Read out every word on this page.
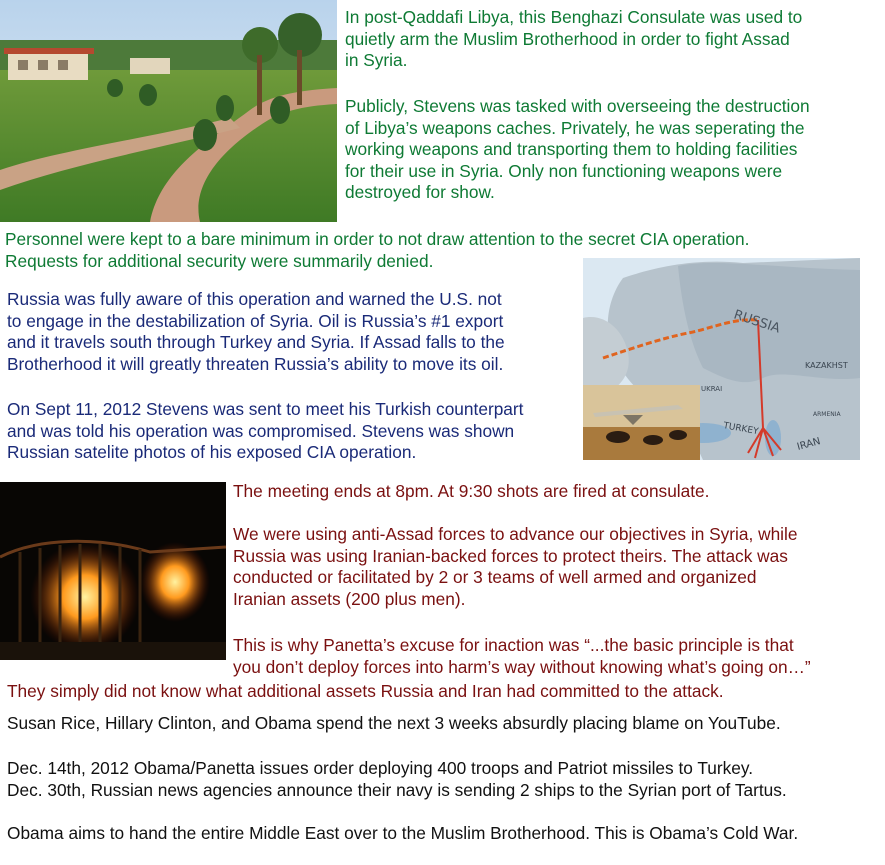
In post-Qaddafi Libya, this Benghazi Consulate was used to
quietly arm the Muslim Brotherhood in order to fight Assad
in Syria.
Publicly, Stevens was tasked with overseeing the destruction
of Libya’s weapons caches. Privately, he was seperating the
working weapons and transporting them to holding facilities
for their use in Syria. Only non functioning weapons were
destroyed for show.
Personnel were kept to a bare minimum in order to not draw attention to the secret CIA operation.
Requests for additional security were summarily denied.
RUSSIA
KAZAKHST
UKRAI
ARMENIA
TURKEY
IRAN
Russia was fully aware of this operation and warned the U.S. not
to engage in the destabilization of Syria. Oil is Russia’s #1 export
and it travels south through Turkey and Syria. If Assad falls to the
Brotherhood it will greatly threaten Russia’s ability to move its oil.
On Sept 11, 2012 Stevens was sent to meet his Turkish counterpart
and was told his operation was compromised. Stevens was shown
Russian satelite photos of his exposed CIA operation.
The meeting ends at 8pm. At 9:30 shots are fired at consulate.
We were using anti-Assad forces to advance our objectives in Syria, while
Russia was using Iranian-backed forces to protect theirs. The attack was
conducted or facilitated by 2 or 3 teams of well armed and organized
Iranian assets (200 plus men).
This is why Panetta’s excuse for inaction was “...the basic principle is that
you don’t deploy forces into harm’s way without knowing what’s going on…”
They simply did not know what additional assets Russia and Iran had committed to the attack.
Susan Rice, Hillary Clinton, and Obama spend the next 3 weeks absurdly placing blame on YouTube.
Dec. 14th, 2012 Obama/Panetta issues order deploying 400 troops and Patriot missiles to Turkey.
Dec. 30th, Russian news agencies announce their navy is sending 2 ships to the Syrian port of Tartus.
Obama aims to hand the entire Middle East over to the Muslim Brotherhood. This is Obama’s Cold War.
